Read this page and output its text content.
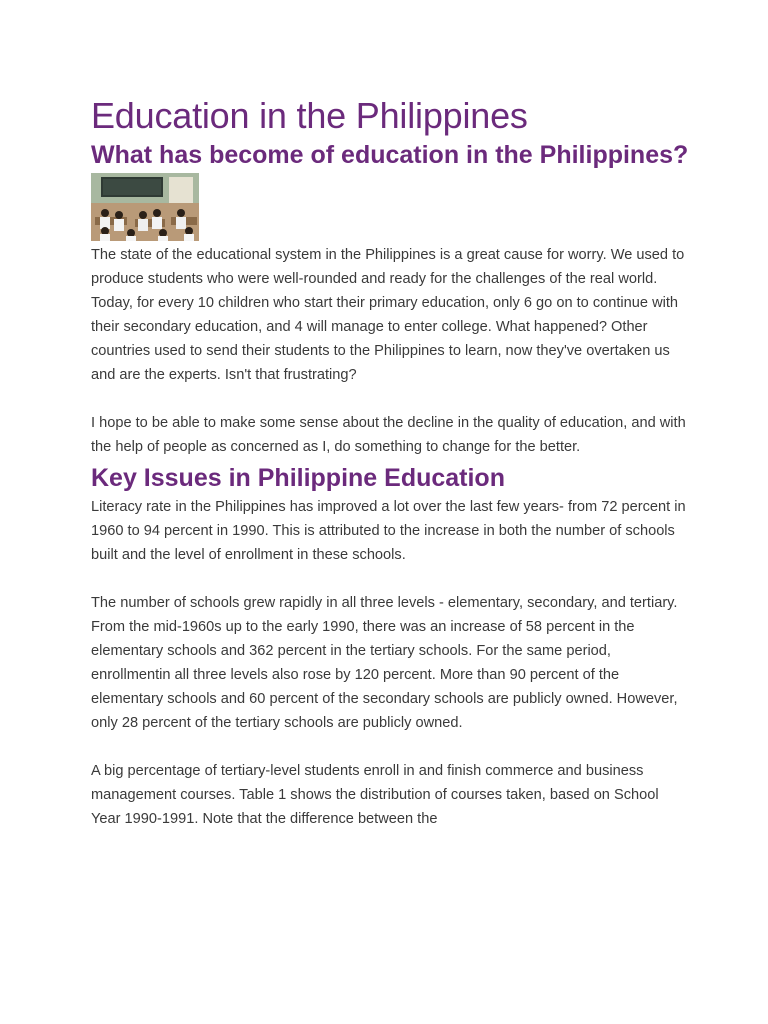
Education in the Philippines
What has become of education in the Philippines?

The state of the educational system in the Philippines is a great cause for worry. We used to produce students who were well-rounded and ready for the challenges of the real world. Today, for every 10 children who start their primary education, only 6 go on to continue with their secondary education, and 4 will manage to enter college. What happened? Other countries used to send their students to the Philippines to learn, now they've overtaken us and are the experts. Isn't that frustrating?

I hope to be able to make some sense about the decline in the quality of education, and with the help of people as concerned as I, do something to change for the better.

Key Issues in Philippine Education

Literacy rate in the Philippines has improved a lot over the last few years- from 72 percent in 1960 to 94 percent in 1990. This is attributed to the increase in both the number of schools built and the level of enrollment in these schools.

The number of schools grew rapidly in all three levels - elementary, secondary, and tertiary. From the mid-1960s up to the early 1990, there was an increase of 58 percent in the elementary schools and 362 percent in the tertiary schools. For the same period, enrollmentin all three levels also rose by 120 percent. More than 90 percent of the elementary schools and 60 percent of the secondary schools are publicly owned. However, only 28 percent of the tertiary schools are publicly owned.

A big percentage of tertiary-level students enroll in and finish commerce and business management courses. Table 1 shows the distribution of courses taken, based on School Year 1990-1991. Note that the difference between the
